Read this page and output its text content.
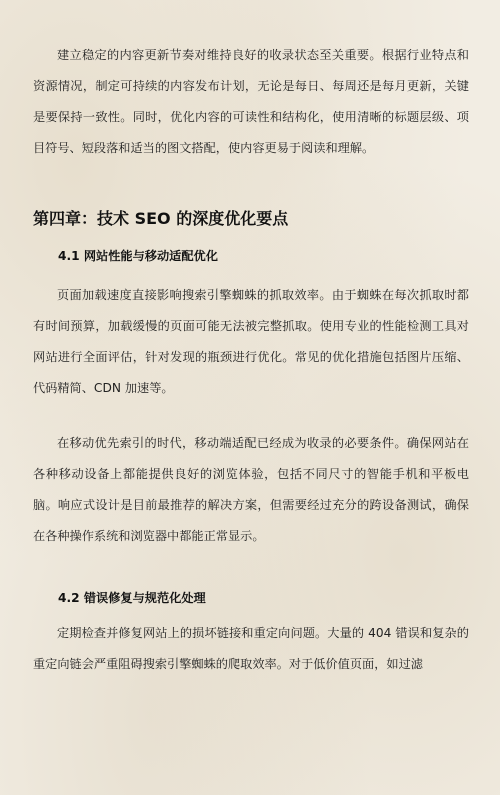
建立稳定的内容更新节奏对维持良好的收录状态至关重要。根据行业特点和资源情况，制定可持续的内容发布计划，无论是每日、每周还是每月更新，关键是要保持一致性。同时，优化内容的可读性和结构化，使用清晰的标题层级、项目符号、短段落和适当的图文搭配，使内容更易于阅读和理解。

第四章：技术 SEO 的深度优化要点
4.1 网站性能与移动适配优化

页面加载速度直接影响搜索引擎蜘蛛的抓取效率。由于蜘蛛在每次抓取时都有时间预算，加载缓慢的页面可能无法被完整抓取。使用专业的性能检测工具对网站进行全面评估，针对发现的瓶颈进行优化。常见的优化措施包括图片压缩、代码精简、CDN 加速等。

在移动优先索引的时代，移动端适配已经成为收录的必要条件。确保网站在各种移动设备上都能提供良好的浏览体验，包括不同尺寸的智能手机和平板电脑。响应式设计是目前最推荐的解决方案，但需要经过充分的跨设备测试，确保在各种操作系统和浏览器中都能正常显示。

4.2 错误修复与规范化处理

定期检查并修复网站上的损坏链接和重定向问题。大量的 404 错误和复杂的重定向链会严重阻碍搜索引擎蜘蛛的爬取效率。对于低价值页面，如过滤
